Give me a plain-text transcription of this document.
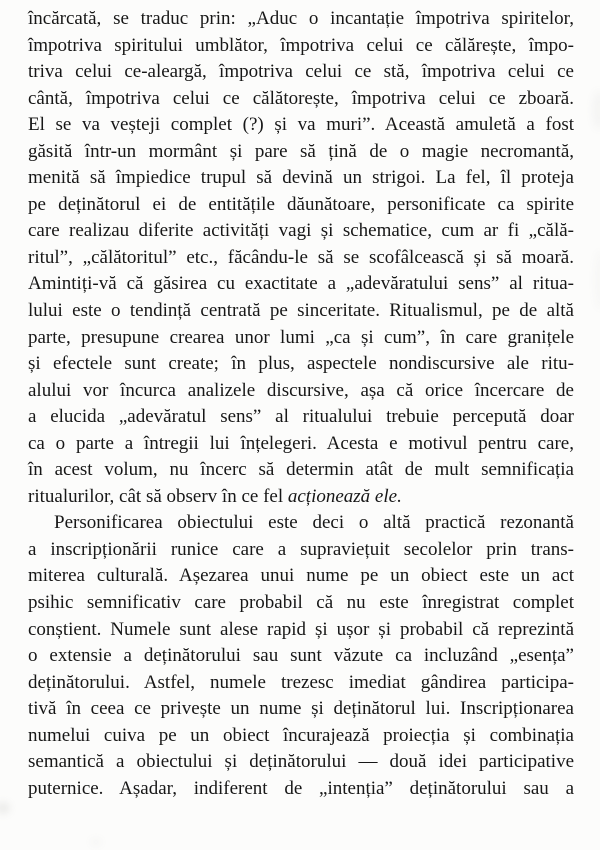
încărcată, se traduc prin: „Aduc o incantație împotriva spiritelor,
împotriva spiritului umblător, împotriva celui ce călărește, împo-
triva celui ce-aleargă, împotriva celui ce stă, împotriva celui ce
cântă, împotriva celui ce călătorește, împotriva celui ce zboară.
El se va veșteji complet (?) și va muri”. Această amuletă a fost
găsită într-un mormânt și pare să țină de o magie necromantă,
menită să împiedice trupul să devină un strigoi. La fel, îl proteja
pe deținătorul ei de entitățile dăunătoare, personificate ca spirite
care realizau diferite activități vagi și schematice, cum ar fi „călă-
ritul”, „călătoritul” etc., făcându-le să se scofâlcească și să moară.
Amintiți-vă că găsirea cu exactitate a „adevăratului sens” al ritua-
lului este o tendință centrată pe sinceritate. Ritualismul, pe de altă
parte, presupune crearea unor lumi „ca și cum”, în care granițele
și efectele sunt create; în plus, aspectele nondiscursive ale ritu-
alului vor încurca analizele discursive, așa că orice încercare de
a elucida „adevăratul sens” al ritualului trebuie percepută doar
ca o parte a întregii lui înțelegeri. Acesta e motivul pentru care,
în acest volum, nu încerc să determin atât de mult semnificația
ritualurilor, cât să observ în ce fel acționează ele.
Personificarea obiectului este deci o altă practică rezonantă
a inscripționării runice care a supraviețuit secolelor prin trans-
miterea culturală. Așezarea unui nume pe un obiect este un act
psihic semnificativ care probabil că nu este înregistrat complet
conștient. Numele sunt alese rapid și ușor și probabil că reprezintă
o extensie a deținătorului sau sunt văzute ca incluzând „esența”
deținătorului. Astfel, numele trezesc imediat gândirea participa-
tivă în ceea ce privește un nume și deținătorul lui. Inscripționarea
numelui cuiva pe un obiect încurajează proiecția și combinația
semantică a obiectului și deținătorului — două idei participative
puternice. Așadar, indiferent de „intenția” deținătorului sau a
